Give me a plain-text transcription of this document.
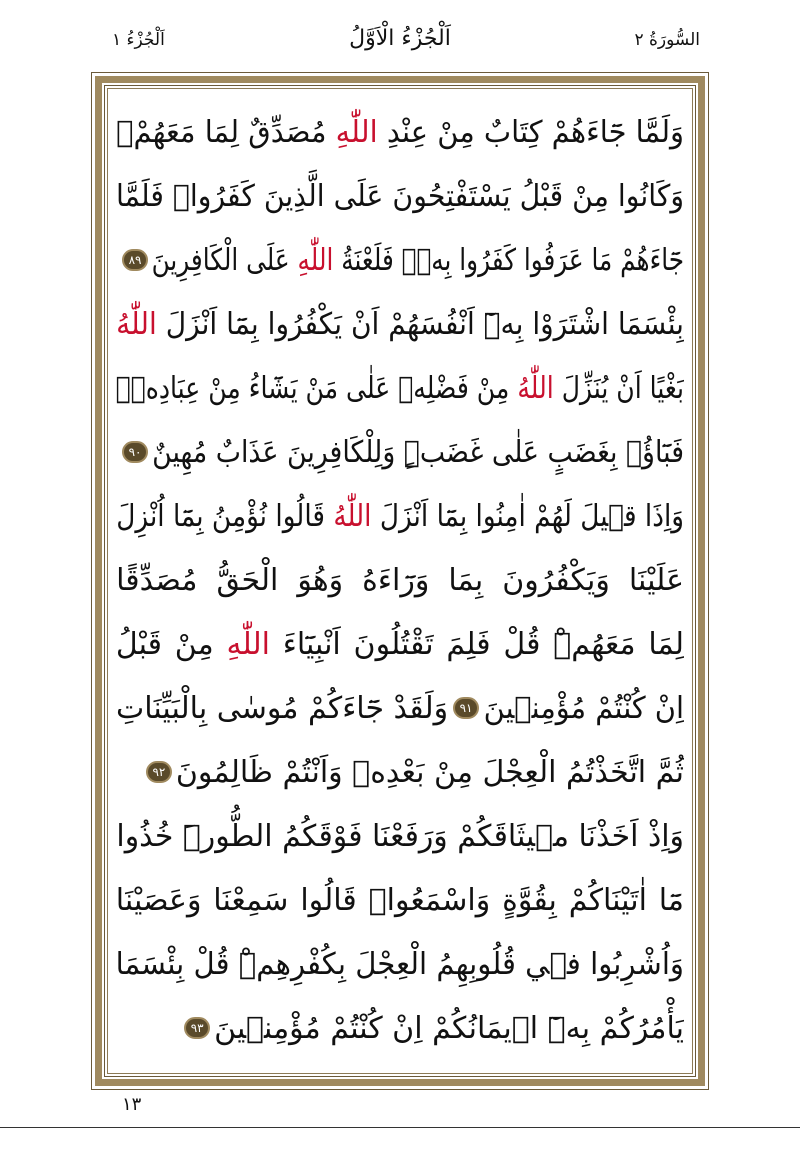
السُّورَةُ ٢
اَلْجُزْءُ الْاَوَّلُ
اَلْجُزْءُ ١
وَلَمَّا جَٓاءَهُمْ كِتَابٌ مِنْ عِنْدِ اللّٰهِ مُصَدِّقٌ لِمَا مَعَهُمْۙ
وَكَانُوا مِنْ قَبْلُ يَسْتَفْتِحُونَ عَلَى الَّذِينَ كَفَرُواۚ فَلَمَّا
جَٓاءَهُمْ مَا عَرَفُوا كَفَرُوا بِهٖۘ فَلَعْنَةُ اللّٰهِ عَلَى الْكَافِرِينَ
٨٩
بِئْسَمَا اشْتَرَوْا بِهٖٓ اَنْفُسَهُمْ اَنْ يَكْفُرُوا بِمَٓا اَنْزَلَ اللّٰهُ
بَغْيًا اَنْ يُنَزِّلَ اللّٰهُ مِنْ فَضْلِهٖ عَلٰى مَنْ يَشَٓاءُ مِنْ عِبَادِهٖۚ
فَبَٓاؤُ۫ بِغَضَبٍ عَلٰى غَضَبٍۜ وَلِلْكَافِرِينَ عَذَابٌ مُهِينٌ
٩٠
وَاِذَا ق۪يلَ لَهُمْ اٰمِنُوا بِمَٓا اَنْزَلَ اللّٰهُ قَالُوا نُؤْمِنُ بِمَٓا اُنْزِلَ
عَلَيْنَا وَيَكْفُرُونَ بِمَا وَرَٓاءَهُ وَهُوَ الْحَقُّ مُصَدِّقًا
لِمَا مَعَهُمْۜ قُلْ فَلِمَ تَقْتُلُونَ اَنْبِيَٓاءَ اللّٰهِ مِنْ قَبْلُ
اِنْ كُنْتُمْ مُؤْمِن۪ينَ
٩١
وَلَقَدْ جَٓاءَكُمْ مُوسٰى بِالْبَيِّنَاتِ
ثُمَّ اتَّخَذْتُمُ الْعِجْلَ مِنْ بَعْدِهٖ وَاَنْتُمْ ظَالِمُونَ
٩٢
وَاِذْ اَخَذْنَا م۪يثَاقَكُمْ وَرَفَعْنَا فَوْقَكُمُ الطُّورَۜ خُذُوا
مَٓا اٰتَيْنَاكُمْ بِقُوَّةٍ وَاسْمَعُواۜ قَالُوا سَمِعْنَا وَعَصَيْنَا
وَاُشْرِبُوا ف۪ي قُلُوبِهِمُ الْعِجْلَ بِكُفْرِهِمْۜ قُلْ بِئْسَمَا
يَأْمُرُكُمْ بِهٖٓ ا۪يمَانُكُمْ اِنْ كُنْتُمْ مُؤْمِن۪ينَ
٩٣
١٣
